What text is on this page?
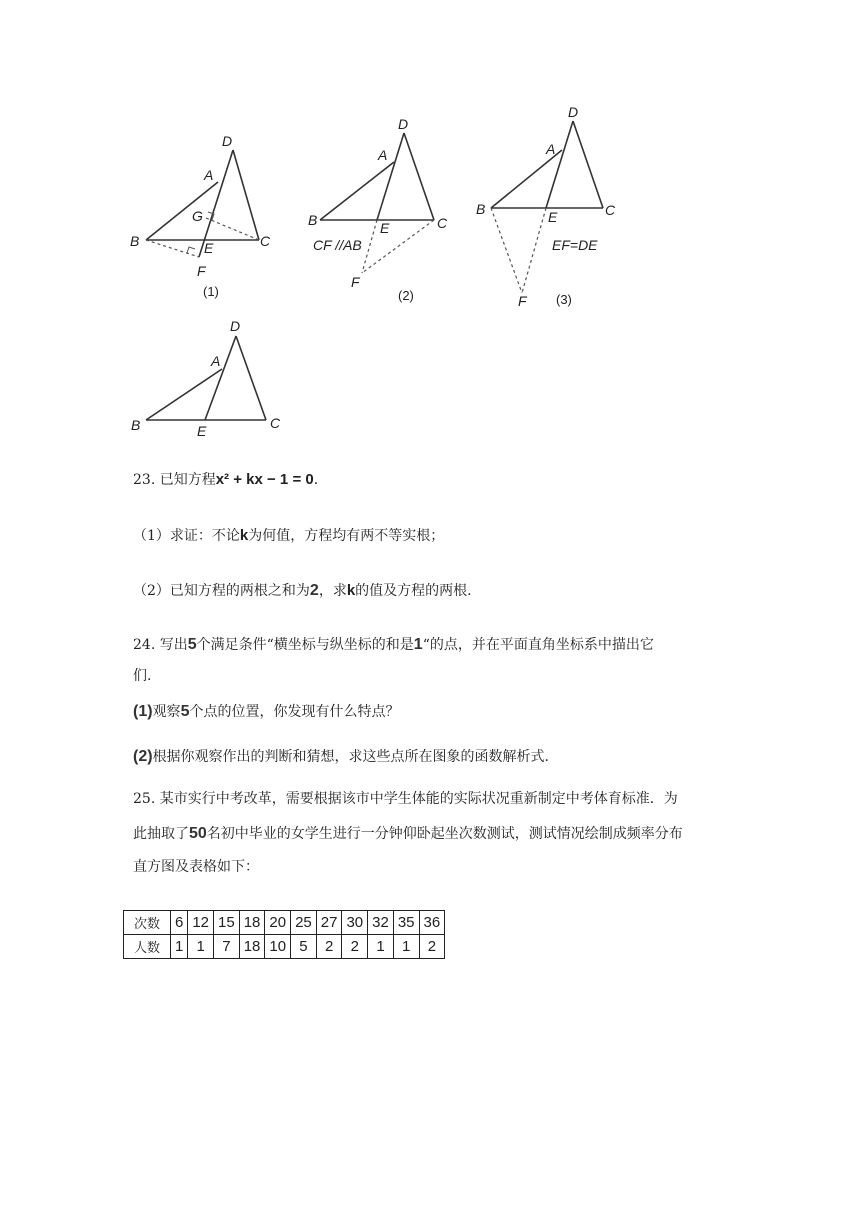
D
A
G
B	E	C
F
(1)
D
A
B	E	C
CF //AB
F
(2)
D
A
B	E	C
EF=DE
F (3)
D
A
B	E	C
23. 已知方程x² + kx − 1 = 0.
（1）求证：不论k为何值，方程均有两不等实根；
（2）已知方程的两根之和为2，求k的值及方程的两根.
24. 写出5个满足条件“横坐标与纵坐标的和是1“的点，并在平面直角坐标系中描出它
们.
(1)观察5个点的位置，你发现有什么特点？
(2)根据你观察作出的判断和猜想，求这些点所在图象的函数解析式.
25. 某市实行中考改革，需要根据该市中学生体能的实际状况重新制定中考体育标准．为
此抽取了50名初中毕业的女学生进行一分钟仰卧起坐次数测试，测试情况绘制成频率分布
直方图及表格如下：
次数	6	12	15	18	20	25	27	30	32	35	36
人数	1	1	7	18	10	5	2	2	1	1	2
